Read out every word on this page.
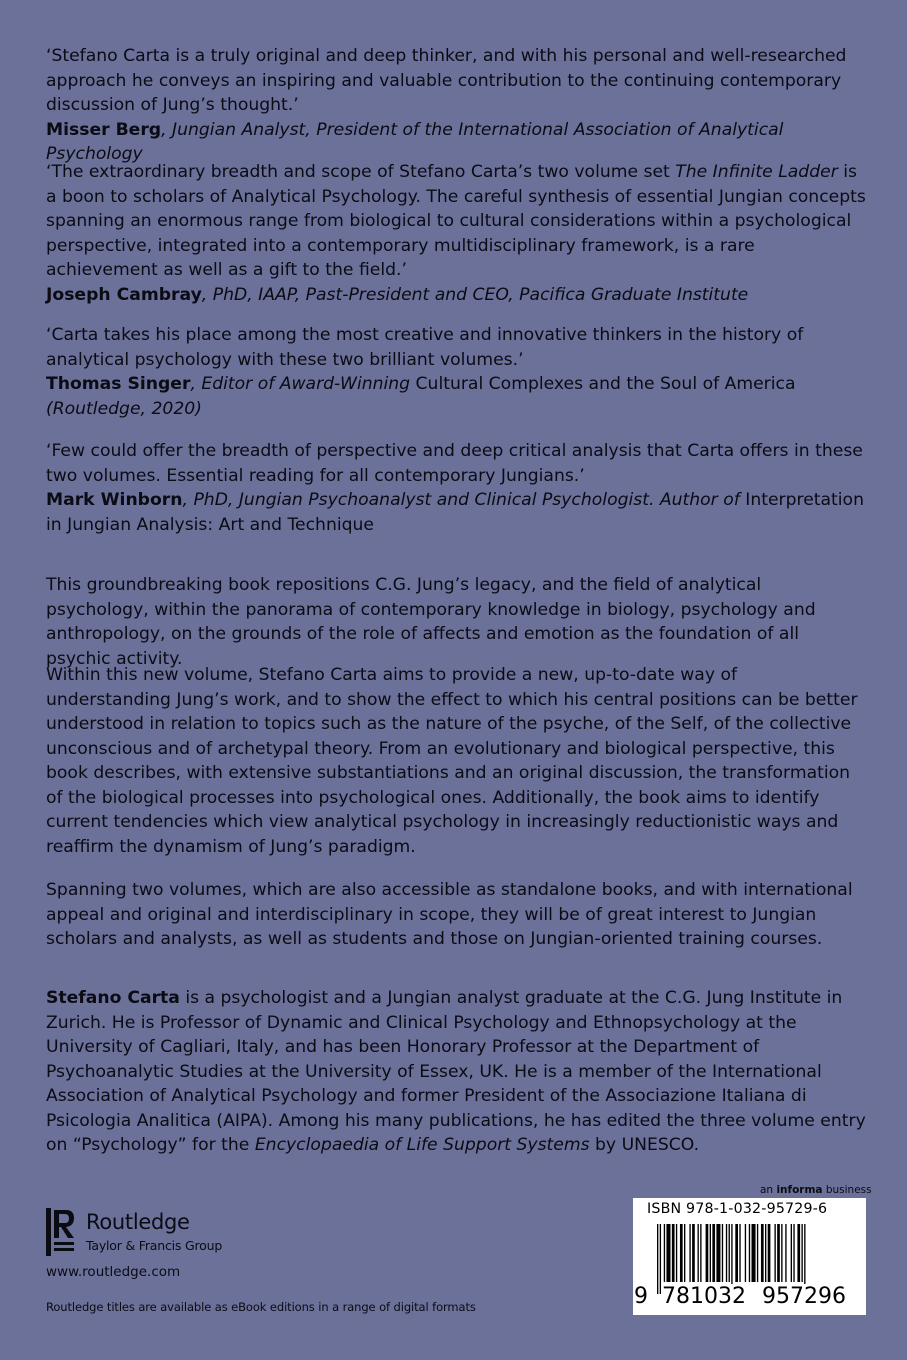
‘Stefano Carta is a truly original and deep thinker, and with his personal and well-researched approach he conveys an inspiring and valuable contribution to the continuing contemporary discussion of Jung’s thought.’

Misser Berg, Jungian Analyst, President of the International Association of Analytical Psychology

‘The extraordinary breadth and scope of Stefano Carta’s two volume set The Infinite Ladder is a boon to scholars of Analytical Psychology. The careful synthesis of essential Jungian concepts spanning an enormous range from biological to cultural considerations within a psychological perspective, integrated into a contemporary multidisciplinary framework, is a rare achievement as well as a gift to the field.’

Joseph Cambray, PhD, IAAP, Past-President and CEO, Pacifica Graduate Institute

‘Carta takes his place among the most creative and innovative thinkers in the history of analytical psychology with these two brilliant volumes.’

Thomas Singer, Editor of Award-Winning Cultural Complexes and the Soul of America (Routledge, 2020)

‘Few could offer the breadth of perspective and deep critical analysis that Carta offers in these two volumes. Essential reading for all contemporary Jungians.’

Mark Winborn, PhD, Jungian Psychoanalyst and Clinical Psychologist. Author of Interpretation in Jungian Analysis: Art and Technique

This groundbreaking book repositions C.G. Jung’s legacy, and the field of analytical psychology, within the panorama of contemporary knowledge in biology, psychology and anthropology, on the grounds of the role of affects and emotion as the foundation of all psychic activity.

Within this new volume, Stefano Carta aims to provide a new, up-to-date way of understanding Jung’s work, and to show the effect to which his central positions can be better understood in relation to topics such as the nature of the psyche, of the Self, of the collective unconscious and of archetypal theory. From an evolutionary and biological perspective, this book describes, with extensive substantiations and an original discussion, the transformation of the biological processes into psychological ones. Additionally, the book aims to identify current tendencies which view analytical psychology in increasingly reductionistic ways and reaffirm the dynamism of Jung’s paradigm.

Spanning two volumes, which are also accessible as standalone books, and with international appeal and original and interdisciplinary in scope, they will be of great interest to Jungian scholars and analysts, as well as students and those on Jungian-oriented training courses.

Stefano Carta is a psychologist and a Jungian analyst graduate at the C.G. Jung Institute in Zurich. He is Professor of Dynamic and Clinical Psychology and Ethnopsychology at the University of Cagliari, Italy, and has been Honorary Professor at the Department of Psychoanalytic Studies at the University of Essex, UK. He is a member of the International Association of Analytical Psychology and former President of the Associazione Italiana di Psicologia Analitica (AIPA). Among his many publications, he has edited the three volume entry on “Psychology” for the Encyclopaedia of Life Support Systems by UNESCO.

Routledge
Taylor & Francis Group
www.routledge.com
Routledge titles are available as eBook editions in a range of digital formats
an informa business
ISBN 978-1-032-95729-6
9 781032 957296
